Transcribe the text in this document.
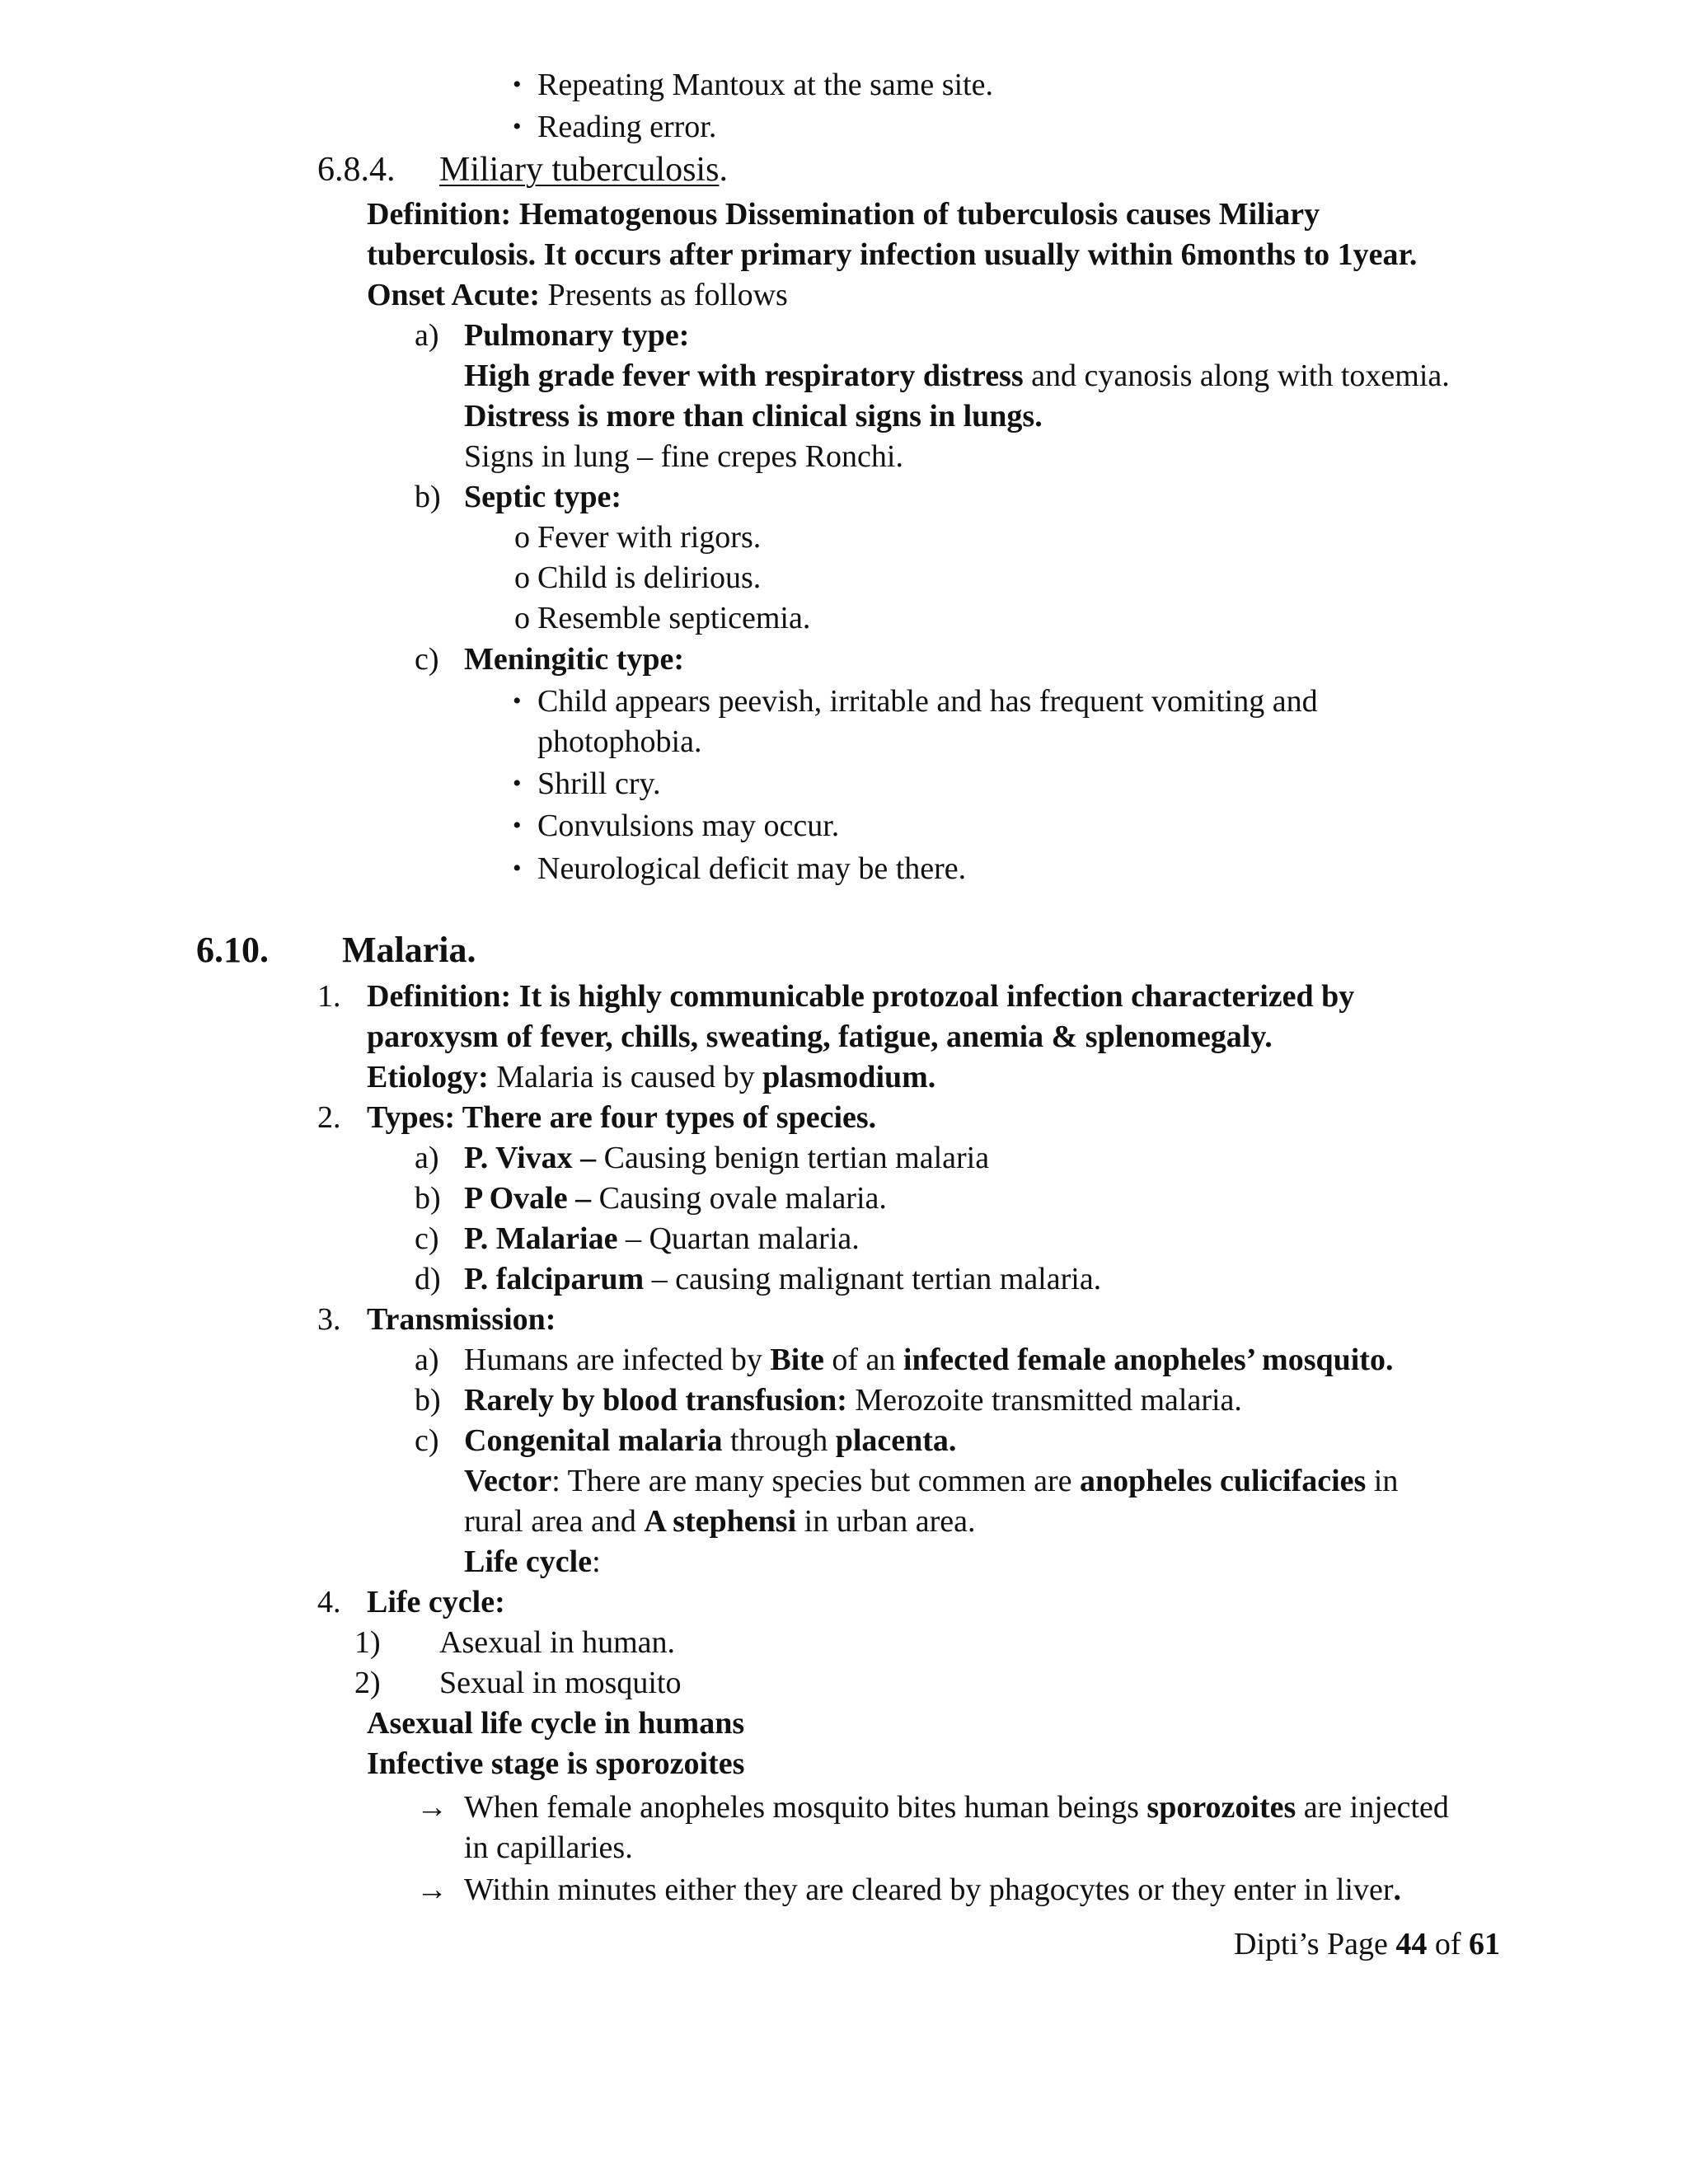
• Repeating Mantoux at the same site.
• Reading error.
6.8.4. Miliary tuberculosis.
Definition: Hematogenous Dissemination of tuberculosis causes Miliary
tuberculosis. It occurs after primary infection usually within 6months to 1year.
Onset Acute: Presents as follows
a) Pulmonary type:
High grade fever with respiratory distress and cyanosis along with toxemia.
Distress is more than clinical signs in lungs.
Signs in lung – fine crepes Ronchi.
b) Septic type:
o Fever with rigors.
o Child is delirious.
o Resemble septicemia.
c) Meningitic type:
• Child appears peevish, irritable and has frequent vomiting and
photophobia.
• Shrill cry.
• Convulsions may occur.
• Neurological deficit may be there.
6.10. Malaria.
1. Definition: It is highly communicable protozoal infection characterized by
paroxysm of fever, chills, sweating, fatigue, anemia & splenomegaly.
Etiology: Malaria is caused by plasmodium.
2. Types: There are four types of species.
a) P. Vivax – Causing benign tertian malaria
b) P Ovale – Causing ovale malaria.
c) P. Malariae – Quartan malaria.
d) P. falciparum – causing malignant tertian malaria.
3. Transmission:
a) Humans are infected by Bite of an infected female anopheles’ mosquito.
b) Rarely by blood transfusion: Merozoite transmitted malaria.
c) Congenital malaria through placenta.
Vector: There are many species but commen are anopheles culicifacies in
rural area and A stephensi in urban area.
Life cycle:
4. Life cycle:
1) Asexual in human.
2) Sexual in mosquito
Asexual life cycle in humans
Infective stage is sporozoites
→ When female anopheles mosquito bites human beings sporozoites are injected
in capillaries.
→ Within minutes either they are cleared by phagocytes or they enter in liver.
Dipti’s Page 44 of 61
